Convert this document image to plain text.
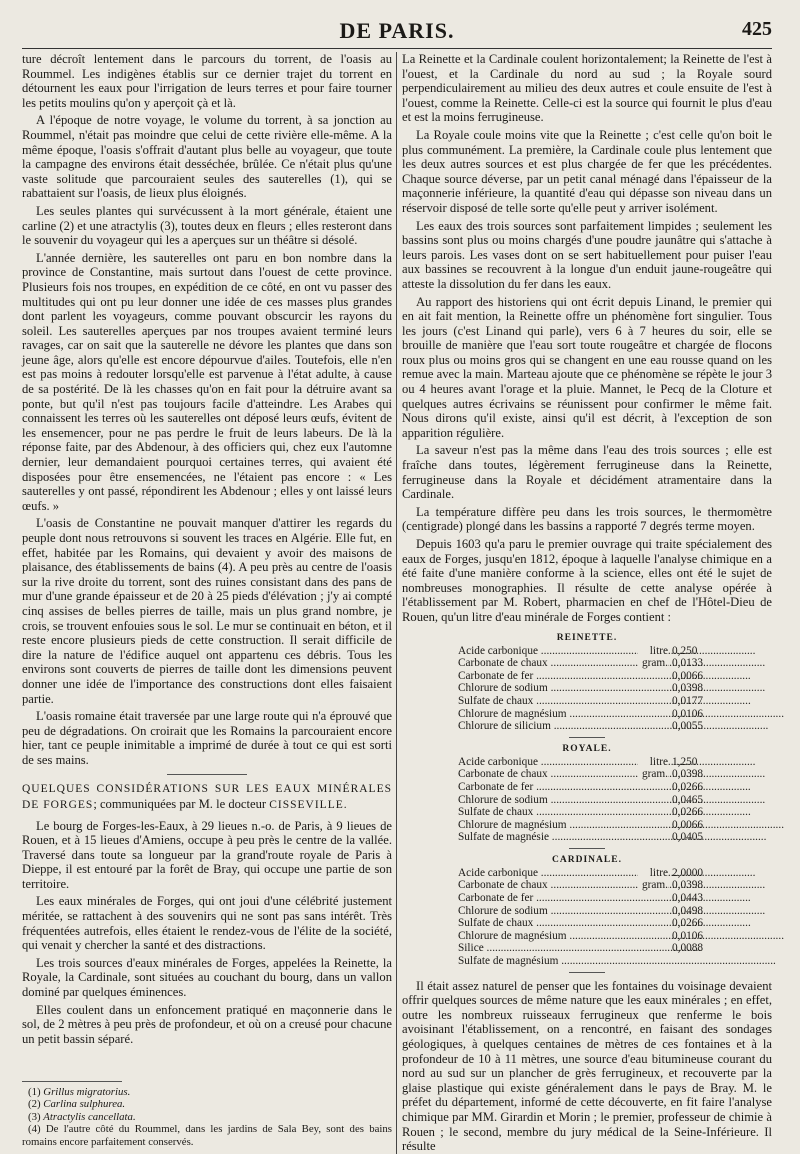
DE PARIS.	425

ture décroît lentement dans le parcours du torrent, de l'oasis au Roummel. Les indigènes établis sur ce dernier trajet du torrent en détournent les eaux pour l'irrigation de leurs terres et pour faire tourner les petits moulins qu'on y aperçoit çà et là.

A l'époque de notre voyage, le volume du torrent, à sa jonction au Roummel, n'était pas moindre que celui de cette rivière elle-même. A la même époque, l'oasis s'offrait d'autant plus belle au voyageur, que toute la campagne des environs était desséchée, brûlée. Ce n'était plus qu'une vaste solitude que parcouraient seules des sauterelles (1), qui se rabattaient sur l'oasis, de lieux plus éloignés.

Les seules plantes qui survécussent à la mort générale, étaient une carline (2) et une atractylis (3), toutes deux en fleurs ; elles resteront dans le souvenir du voyageur qui les a aperçues sur un théâtre si désolé.

L'année dernière, les sauterelles ont paru en bon nombre dans la province de Constantine, mais surtout dans l'ouest de cette province. Plusieurs fois nos troupes, en expédition de ce côté, en ont vu passer des multitudes qui ont pu leur donner une idée de ces masses plus grandes dont parlent les voyageurs, comme pouvant obscurcir les rayons du soleil. Les sauterelles aperçues par nos troupes avaient terminé leurs ravages, car on sait que la sauterelle ne dévore les plantes que dans son jeune âge, alors qu'elle est encore dépourvue d'ailes. Toutefois, elle n'en est pas moins à redouter lorsqu'elle est parvenue à l'état adulte, à cause de sa postérité. De là les chasses qu'on en fait pour la détruire avant sa ponte, but qu'il n'est pas toujours facile d'atteindre. Les Arabes qui connaissent les terres où les sauterelles ont déposé leurs œufs, évitent de les ensemencer, pour ne pas perdre le fruit de leurs labeurs. De là la réponse faite, par des Abdenour, à des officiers qui, chez eux l'automne dernier, leur demandaient pourquoi certaines terres, qui avaient été disposées pour être ensemencées, ne l'étaient pas encore : « Les sauterelles y ont passé, répondirent les Abdenour ; elles y ont laissé leurs œufs. »

L'oasis de Constantine ne pouvait manquer d'attirer les regards du peuple dont nous retrouvons si souvent les traces en Algérie. Elle fut, en effet, habitée par les Romains, qui devaient y avoir des maisons de plaisance, des établissements de bains (4). A peu près au centre de l'oasis sur la rive droite du torrent, sont des ruines consistant dans des pans de mur d'une grande épaisseur et de 20 à 25 pieds d'élévation ; j'y ai compté cinq assises de belles pierres de taille, mais un plus grand nombre, je crois, se trouvent enfouies sous le sol. Le mur se continuait en béton, et il reste encore plusieurs pieds de cette construction. Il serait difficile de dire la nature de l'édifice auquel ont appartenu ces débris. Tous les environs sont couverts de pierres de taille dont les dimensions peuvent donner une idée de l'importance des constructions dont elles faisaient partie.

L'oasis romaine était traversée par une large route qui n'a éprouvé que peu de dégradations. On croirait que les Romains la parcouraient encore hier, tant ce peuple inimitable a imprimé de durée à tout ce qui est sorti de ses mains.

QUELQUES CONSIDÉRATIONS SUR LES EAUX MINÉRALES DE FORGES; communiquées par M. le docteur CISSEVILLE.

Le bourg de Forges-les-Eaux, à 29 lieues n.-o. de Paris, à 9 lieues de Rouen, et à 15 lieues d'Amiens, occupe à peu près le centre de la vallée. Traversé dans toute sa longueur par la grand'route royale de Paris à Dieppe, il est entouré par la forêt de Bray, qui occupe une partie de son territoire.

Les eaux minérales de Forges, qui ont joui d'une célébrité justement méritée, se rattachent à des souvenirs qui ne sont pas sans intérêt. Très fréquentées autrefois, elles étaient le rendez-vous de l'élite de la société, qui venait y chercher la santé et des distractions.

Les trois sources d'eaux minérales de Forges, appelées la Reinette, la Royale, la Cardinale, sont situées au couchant du bourg, dans un vallon dominé par quelques éminences.

Elles coulent dans un enfoncement pratiqué en maçonnerie dans le sol, de 2 mètres à peu près de profondeur, et où on a creusé pour chacune un petit bassin séparé.

(1) Grillus migratorius.

(2) Carlina sulphurea.

(3) Atractylis cancellata.

(4) De l'autre côté du Roummel, dans les jardins de Sala Bey, sont des bains romains encore parfaitement conservés.

La Reinette et la Cardinale coulent horizontalement; la Reinette de l'est à l'ouest, et la Cardinale du nord au sud ; la Royale sourd perpendiculairement au milieu des deux autres et coule ensuite de l'est à l'ouest, comme la Reinette. Celle-ci est la source qui fournit le plus d'eau et est la moins ferrugineuse.

La Royale coule moins vite que la Reinette ; c'est celle qu'on boit le plus communément. La première, la Cardinale coule plus lentement que les deux autres sources et est plus chargée de fer que les précédentes. Chaque source déverse, par un petit canal ménagé dans l'épaisseur de la maçonnerie inférieure, la quantité d'eau qui dépasse son niveau dans un réservoir disposé de telle sorte qu'elle peut y arriver isolément.

Les eaux des trois sources sont parfaitement limpides ; seulement les bassins sont plus ou moins chargés d'une poudre jaunâtre qui s'attache à leurs parois. Les vases dont on se sert habituellement pour puiser l'eau aux bassines se recouvrent à la longue d'un enduit jaune-rougeâtre qui atteste la dissolution du fer dans les eaux.

Au rapport des historiens qui ont écrit depuis Linand, le premier qui en ait fait mention, la Reinette offre un phénomène fort singulier. Tous les jours (c'est Linand qui parle), vers 6 à 7 heures du soir, elle se brouille de manière que l'eau sort toute rougeâtre et chargée de flocons roux plus ou moins gros qui se changent en une eau rousse quand on les remue avec la main. Marteau ajoute que ce phénomène se répète le jour 3 ou 4 heures avant l'orage et la pluie. Mannet, le Pecq de la Cloture et quelques autres écrivains se réunissent pour confirmer le même fait. Nous dirons qu'il existe, ainsi qu'il est décrit, à l'exception de son apparition régulière.

La saveur n'est pas la même dans l'eau des trois sources ; elle est fraîche dans toutes, légèrement ferrugineuse dans la Reinette, ferrugineuse dans la Royale et décidément atramentaire dans la Cardinale.

La température diffère peu dans les trois sources, le thermomètre (centigrade) plongé dans les bassins a rapporté 7 degrés terme moyen.

Depuis 1603 qu'a paru le premier ouvrage qui traite spécialement des eaux de Forges, jusqu'en 1812, époque à laquelle l'analyse chimique en a été faite d'une manière conforme à la science, elles ont été le sujet de nombreuses monographies. Il résulte de cette analyse opérée à l'établissement par M. Robert, pharmacien en chef de l'Hôtel-Dieu de Rouen, qu'un litre d'eau minérale de Forges contient :

REINETTE.
Acide carbonique .....	litre 0,250
Carbonate de chaux .....	gram. 0,0133
Carbonate de fer .....	0,0066
Chlorure de sodium .....	0,0398
Sulfate de chaux .....	0,0177
Chlorure de magnésium .....	0,0106
Chlorure de silicium .....	0,0055
ROYALE.
Acide carbonique .....	litre 1,250
Carbonate de chaux .....	gram. 0,0398
Carbonate de fer .....	0,0266
Chlorure de sodium .....	0,0465
Sulfate de chaux .....	0,0266
Chlorure de magnésium .....	0,0066
Sulfate de magnésie .....	0,0405
CARDINALE.
Acide carbonique .....	litre 2,0000
Carbonate de chaux .....	gram. 0,0398
Carbonate de fer .....	0,0443
Chlorure de sodium .....	0,0498
Sulfate de chaux .....	0,0266
Chlorure de magnésium .....	0,0106
Silice .....	0,0088
Sulfate de magnésium .....

Il était assez naturel de penser que les fontaines du voisinage devaient offrir quelques sources de même nature que les eaux minérales ; en effet, outre les nombreux ruisseaux ferrugineux que renferme le bois avoisinant l'établissement, on a rencontré, en faisant des sondages géologiques, à quelques centaines de mètres de ces fontaines et à la profondeur de 10 à 11 mètres, une source d'eau bitumineuse courant du nord au sud sur un plancher de grès ferrugineux, et recouverte par la glaise plastique qui existe généralement dans le pays de Bray. M. le préfet du département, informé de cette découverte, en fit faire l'analyse chimique par MM. Girardin et Morin ; le premier, professeur de chimie à Rouen ; le second, membre du jury médical de la Seine-Inférieure. Il résulte
